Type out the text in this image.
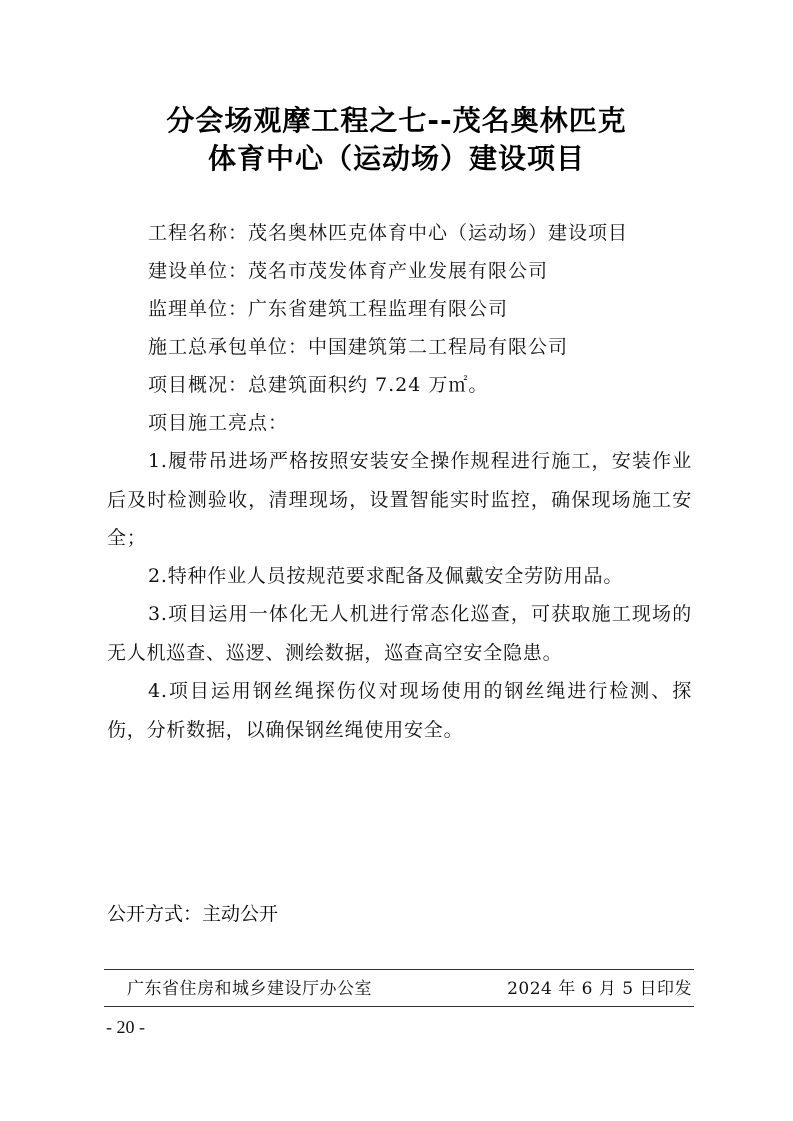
分会场观摩工程之七--茂名奥林匹克
体育中心（运动场）建设项目
工程名称：茂名奥林匹克体育中心（运动场）建设项目
建设单位：茂名市茂发体育产业发展有限公司
监理单位：广东省建筑工程监理有限公司
施工总承包单位：中国建筑第二工程局有限公司
项目概况：总建筑面积约 7.24 万㎡。
项目施工亮点：

1.履带吊进场严格按照安装安全操作规程进行施工，安装作业后及时检测验收，清理现场，设置智能实时监控，确保现场施工安全；

2.特种作业人员按规范要求配备及佩戴安全劳防用品。

3.项目运用一体化无人机进行常态化巡查，可获取施工现场的无人机巡查、巡逻、测绘数据，巡查高空安全隐患。

4.项目运用钢丝绳探伤仪对现场使用的钢丝绳进行检测、探伤，分析数据，以确保钢丝绳使用安全。

公开方式：主动公开
广东省住房和城乡建设厅办公室	2024 年 6 月 5 日印发
- 20 -
